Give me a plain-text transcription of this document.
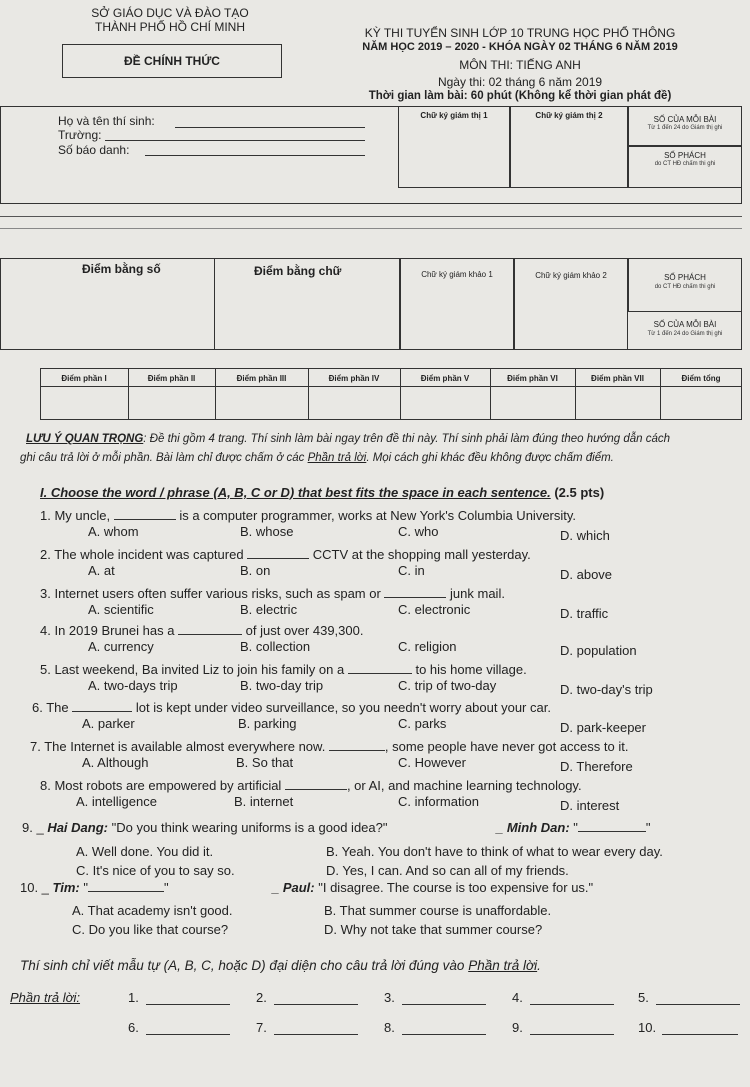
SỞ GIÁO DỤC VÀ ĐÀO TẠO
THÀNH PHỐ HỒ CHÍ MINH
ĐỀ CHÍNH THỨC
KỲ THI TUYỂN SINH LỚP 10 TRUNG HỌC PHỔ THÔNG
NĂM HỌC 2019 – 2020 - KHÓA NGÀY 02 THÁNG 6 NĂM 2019
MÔN THI: TIẾNG ANH
Ngày thi: 02 tháng 6 năm 2019
Thời gian làm bài: 60 phút (Không kể thời gian phát đề)
Họ và tên thí sinh:
Trường:
Số báo danh:
Chữ ký giám thị 1	Chữ ký giám thị 2	SỐ CỦA MỖI BÀI
Từ 1 đến 24 do Giám thị ghi
SỐ PHÁCH
do CT HĐ chấm thi ghi
Điểm bằng số	Điểm bằng chữ	Chữ ký giám khảo 1	Chữ ký giám khảo 2	SỐ PHÁCH
do CT HĐ chấm thi ghi
SỐ CỦA MỖI BÀI
Từ 1 đến 24 do Giám thị ghi
Điểm phần I	Điểm phần II	Điểm phần III	Điểm phần IV	Điểm phần V	Điểm phần VI	Điểm phần VII	Điểm tổng
LƯU Ý QUAN TRỌNG: Đề thi gồm 4 trang. Thí sinh làm bài ngay trên đề thi này. Thí sinh phải làm đúng theo hướng dẫn cách
ghi câu trả lời ở mỗi phần. Bài làm chỉ được chấm ở các Phần trả lời. Mọi cách ghi khác đều không được chấm điểm.
I. Choose the word / phrase (A, B, C or D) that best fits the space in each sentence. (2.5 pts)
1. My uncle,	is a computer programmer, works at New York's Columbia University.
A. whom	B. whose	C. who	D. which
2. The whole incident was captured	CCTV at the shopping mall yesterday.
A. at	B. on	C. in	D. above
3. Internet users often suffer various risks, such as spam or	junk mail.
A. scientific	B. electric	C. electronic	D. traffic
4. In 2019 Brunei has a	of just over 439,300.
A. currency	B. collection	C. religion	D. population
5. Last weekend, Ba invited Liz to join his family on a	to his home village.
A. two-days trip	B. two-day trip	C. trip of two-day	D. two-day's trip
6. The	lot is kept under video surveillance, so you needn't worry about your car.
A. parker	B. parking	C. parks	D. park-keeper
7. The Internet is available almost everywhere now.	, some people have never got access to it.
A. Although	B. So that	C. However	D. Therefore
8. Most robots are empowered by artificial	, or AI, and machine learning technology.
A. intelligence	B. internet	C. information	D. interest
9. _ Hai Dang: "Do you think wearing uniforms is a good idea?"	_ Minh Dan: "	"
A. Well done. You did it.	B. Yeah. You don't have to think of what to wear every day.
C. It's nice of you to say so.	D. Yes, I can. And so can all of my friends.
10. _ Tim: "	"	_ Paul: "I disagree. The course is too expensive for us."
A. That academy isn't good.	B. That summer course is unaffordable.
C. Do you like that course?	D. Why not take that summer course?
Thí sinh chỉ viết mẫu tự (A, B, C, hoặc D) đại diện cho câu trả lời đúng vào Phần trả lời.
Phần trả lời:	1.	2.	3.	4.	5.
6.	7.	8.	9.	10.
